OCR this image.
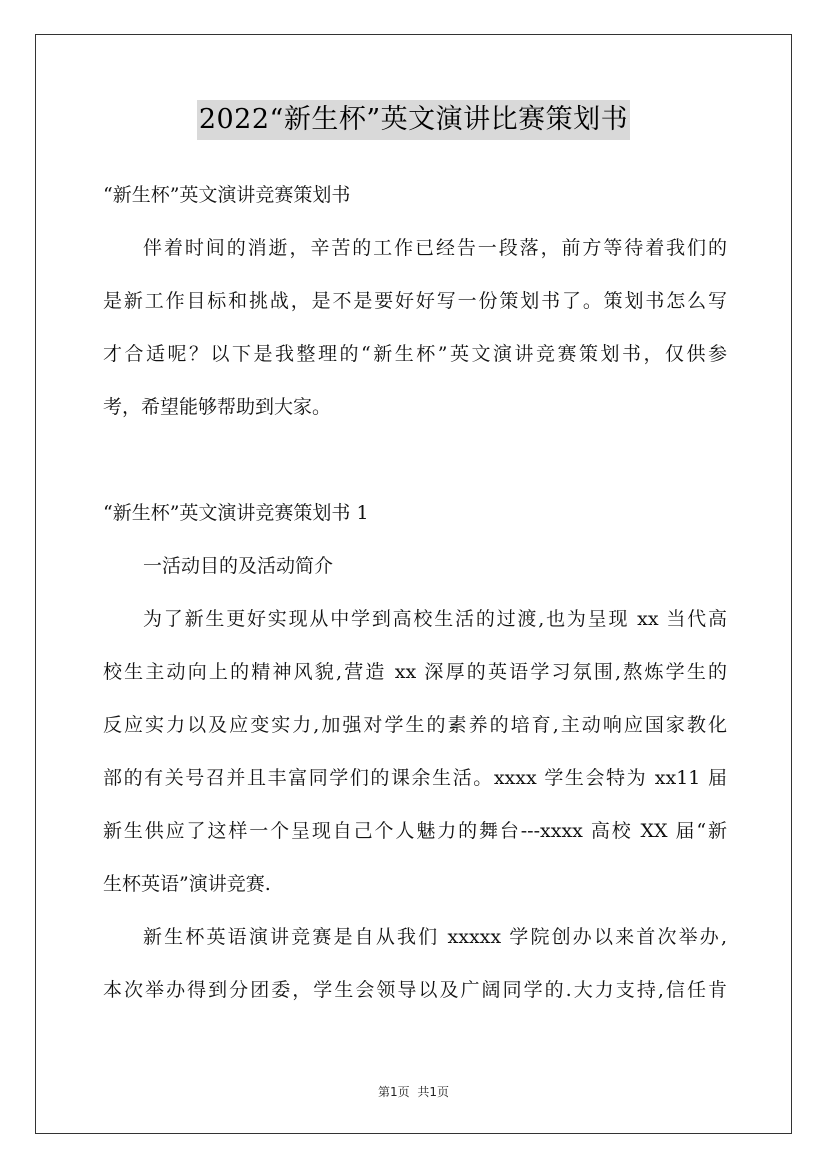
2022“新生杯”英文演讲比赛策划书
“新生杯”英文演讲竞赛策划书
伴着时间的消逝，辛苦的工作已经告一段落，前方等待着我们的
是新工作目标和挑战，是不是要好好写一份策划书了。策划书怎么写
才合适呢？以下是我整理的“新生杯”英文演讲竞赛策划书，仅供参
考，希望能够帮助到大家。
“新生杯”英文演讲竞赛策划书 1
一活动目的及活动简介
为了新生更好实现从中学到高校生活的过渡,也为呈现 xx 当代高
校生主动向上的精神风貌,营造 xx 深厚的英语学习氛围,熬炼学生的
反应实力以及应变实力,加强对学生的素养的培育,主动响应国家教化
部的有关号召并且丰富同学们的课余生活。xxxx 学生会特为 xx11 届
新生供应了这样一个呈现自己个人魅力的舞台---xxxx 高校 XX 届“新
生杯英语”演讲竞赛.
新生杯英语演讲竞赛是自从我们 xxxxx 学院创办以来首次举办,
本次举办得到分团委，学生会领导以及广阔同学的.大力支持,信任肯
第1页 共1页
